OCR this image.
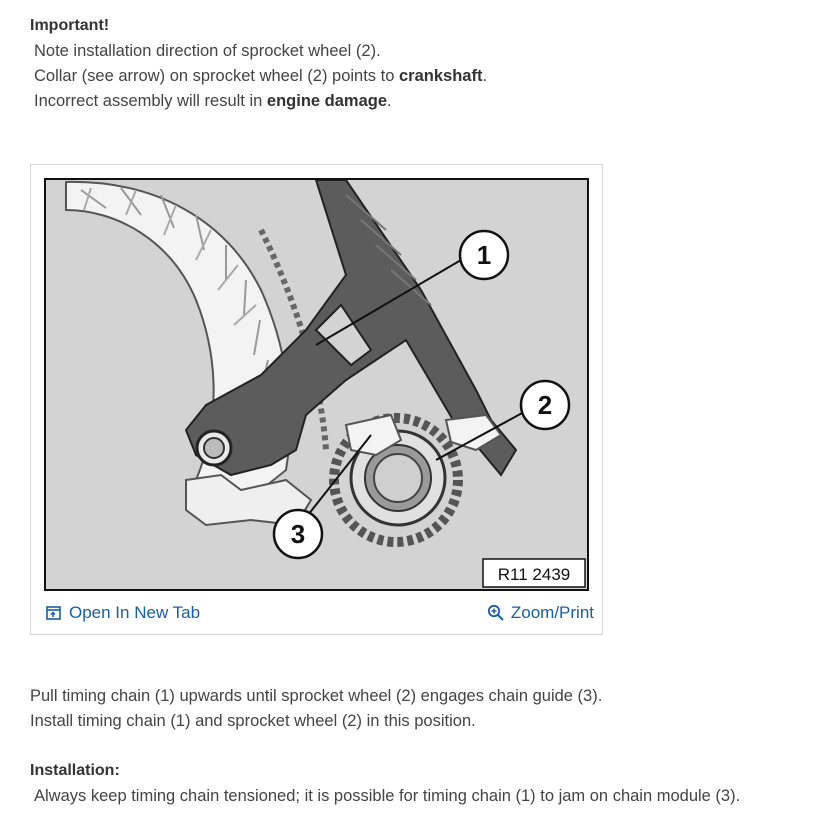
Important!

Note installation direction of sprocket wheel (2).

Collar (see arrow) on sprocket wheel (2) points to crankshaft.

Incorrect assembly will result in engine damage.

1
2
3
R11 2439
Open In New Tab	Zoom/Print

Pull timing chain (1) upwards until sprocket wheel (2) engages chain guide (3).

Install timing chain (1) and sprocket wheel (2) in this position.

Installation:

Always keep timing chain tensioned; it is possible for timing chain (1) to jam on chain module (3).
